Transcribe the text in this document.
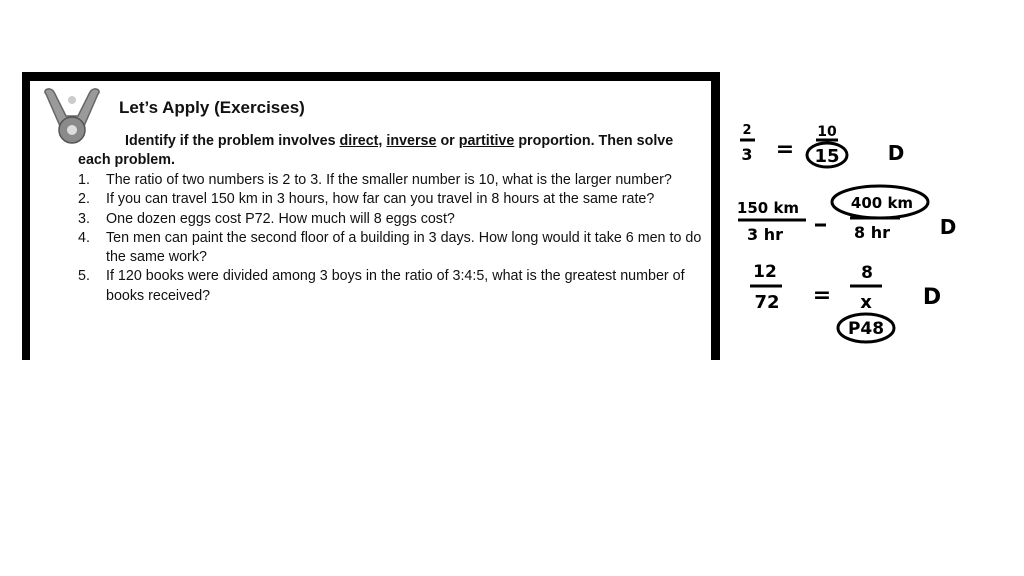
Let’s Apply (Exercises)
Identify if the problem involves direct, inverse or partitive proportion. Then solve each problem.
1.	The ratio of two numbers is 2 to 3. If the smaller number is 10, what is the larger number?
2.	If you can travel 150 km in 3 hours, how far can you travel in 8 hours at the same rate?
3.	One dozen eggs cost P72. How much will 8 eggs cost?
4.	Ten men can paint the second floor of a building in 3 days. How long would it take 6 men to do the same work?
5.	If 120 books were divided among 3 boys in the ratio of 3:4:5, what is the greatest number of books received?
2
3 =
10
15 D
150 km
3 hr
400 km
8 hr D
12
72 =
8
x
P48
D
